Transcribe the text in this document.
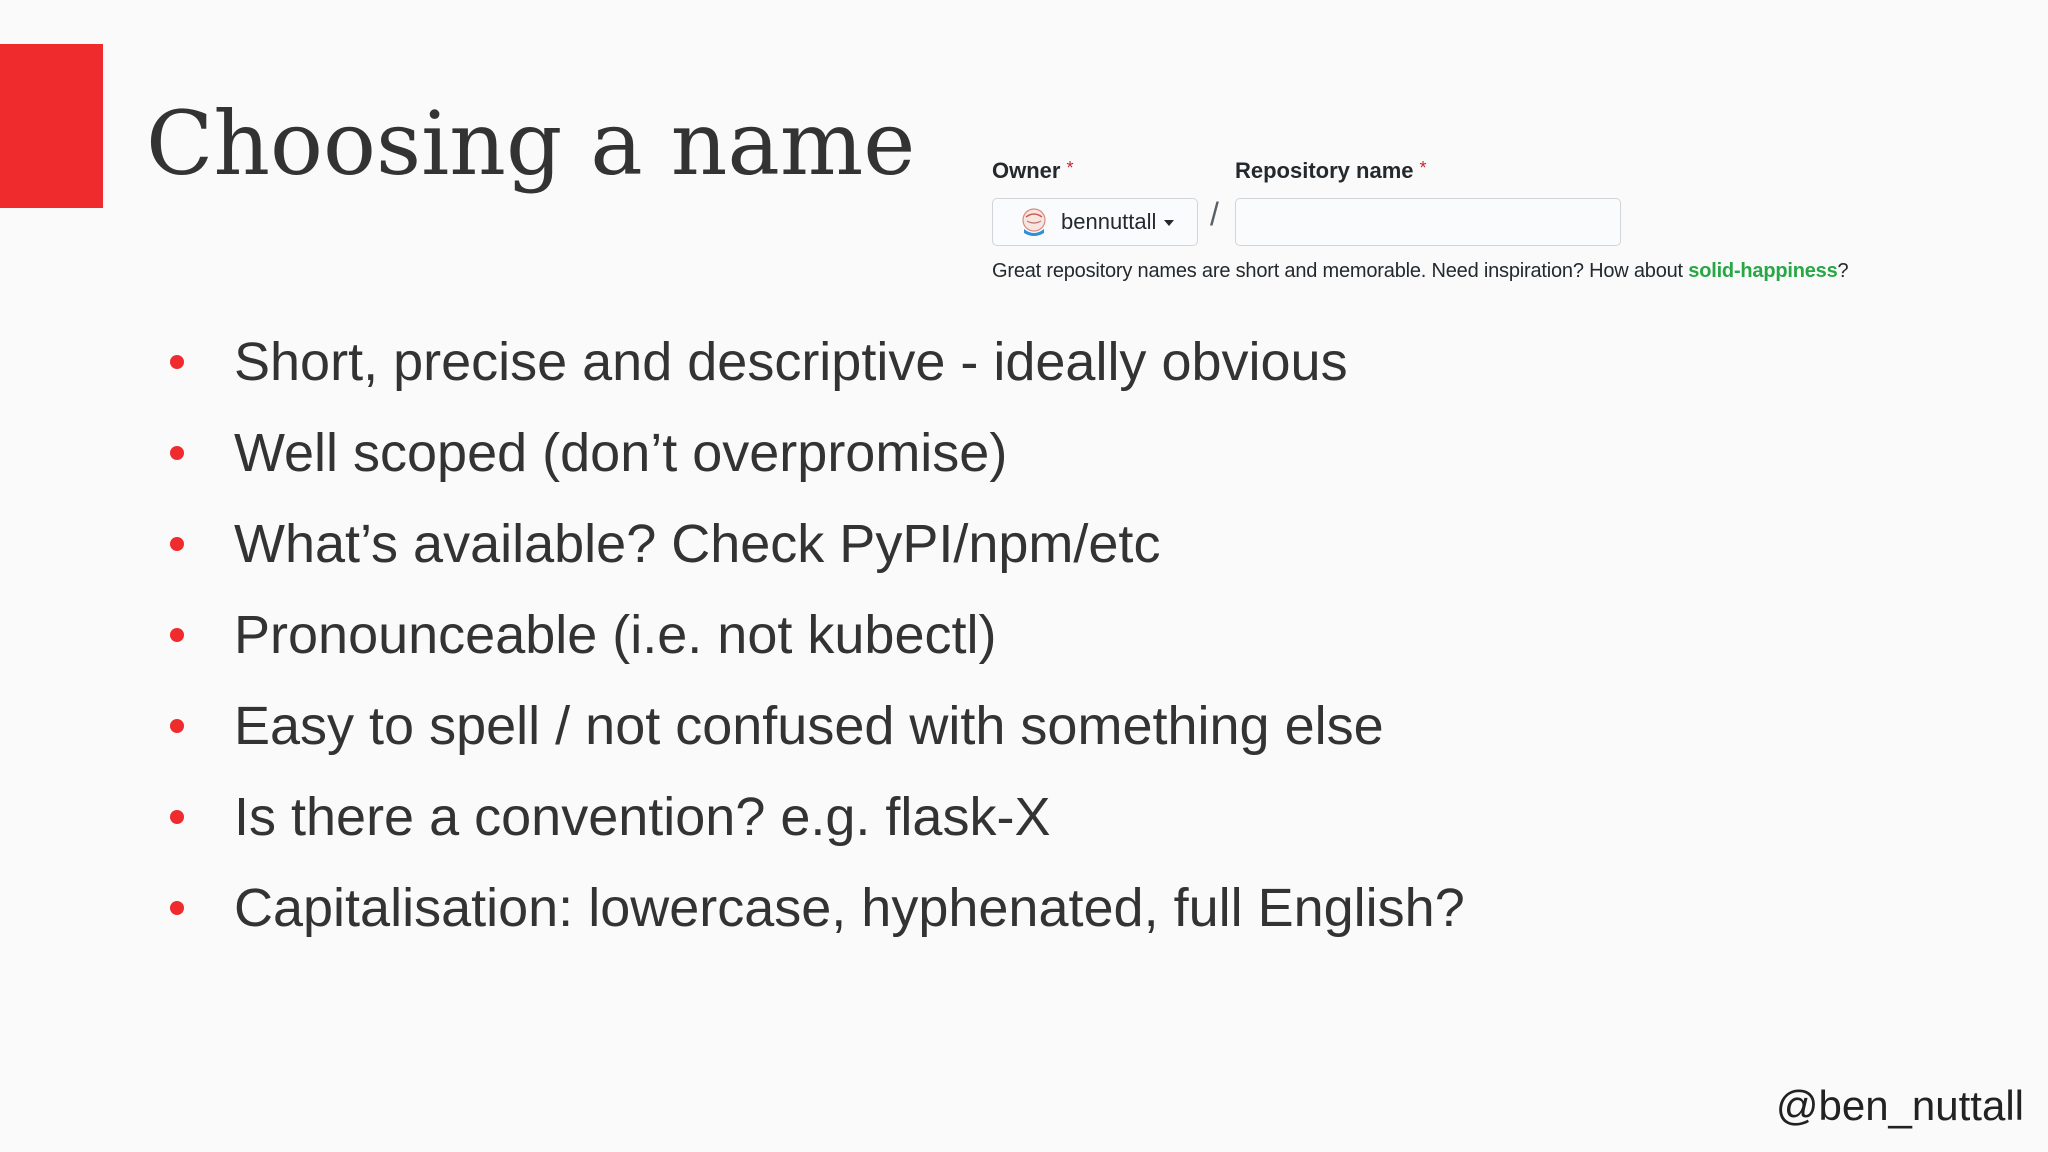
Choosing a name	Owner *	Repository name *
bennuttall /
Great repository names are short and memorable. Need inspiration? How about solid-happiness?
Short, precise and descriptive - ideally obvious
Well scoped (don’t overpromise)
What’s available? Check PyPI/npm/etc
Pronounceable (i.e. not kubectl)
Easy to spell / not confused with something else
Is there a convention? e.g. flask-X
Capitalisation: lowercase, hyphenated, full English?
@ben_nuttall
